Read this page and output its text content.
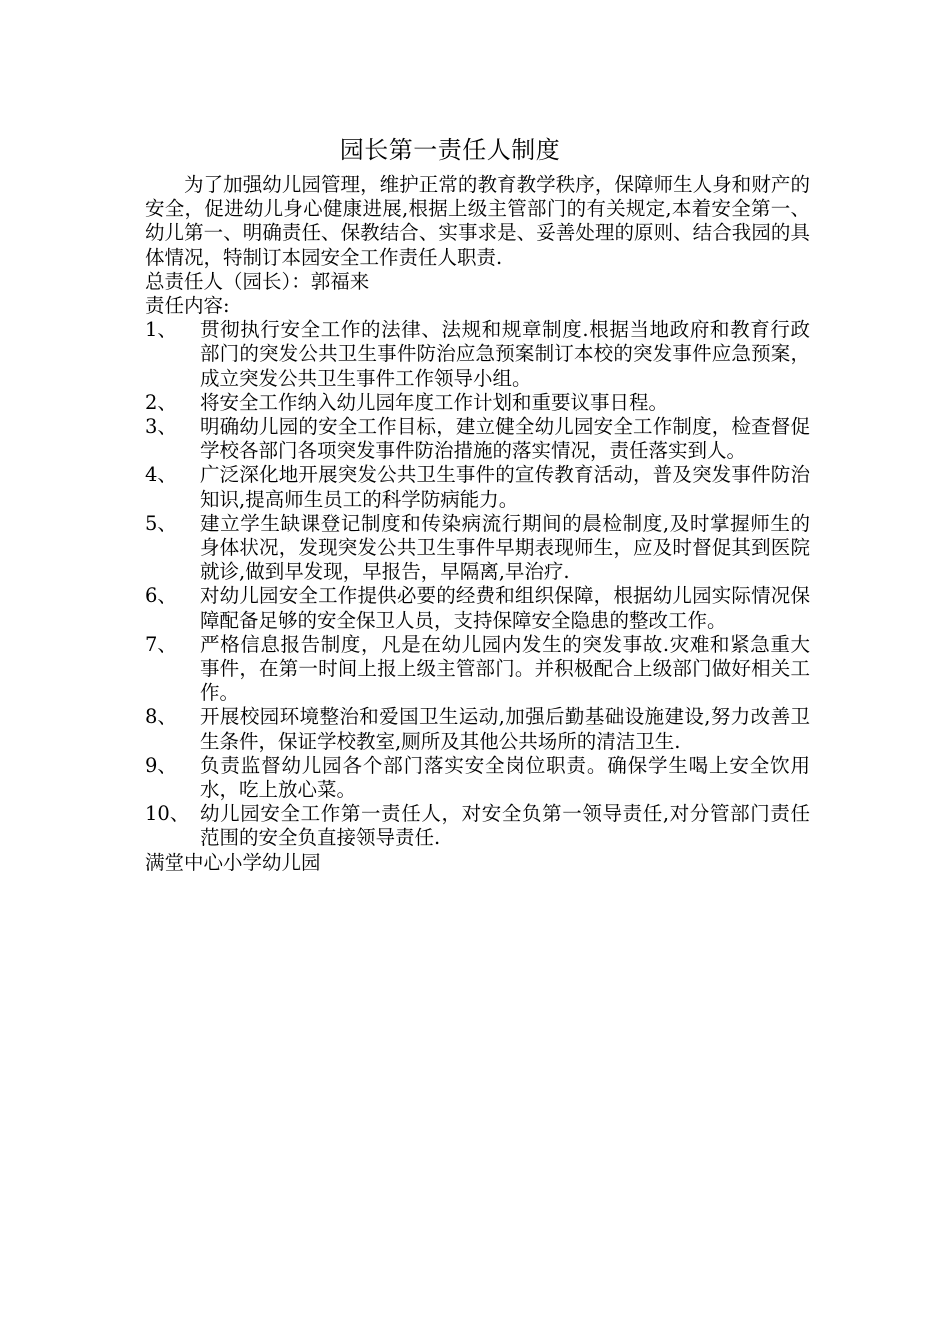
园长第一责任人制度

为了加强幼儿园管理，维护正常的教育教学秩序，保障师生人身和财产的安全，促进幼儿身心健康进展,根据上级主管部门的有关规定,本着安全第一、幼儿第一、明确责任、保教结合、实事求是、妥善处理的原则、结合我园的具体情况，特制订本园安全工作责任人职责.

总责任人（园长）：郭福来

责任内容:

1、	贯彻执行安全工作的法律、法规和规章制度.根据当地政府和教育行政部门的突发公共卫生事件防治应急预案制订本校的突发事件应急预案，成立突发公共卫生事件工作领导小组。
2、	将安全工作纳入幼儿园年度工作计划和重要议事日程。
3、	明确幼儿园的安全工作目标，建立健全幼儿园安全工作制度，检查督促学校各部门各项突发事件防治措施的落实情况，责任落实到人。
4、	广泛深化地开展突发公共卫生事件的宣传教育活动，普及突发事件防治知识,提高师生员工的科学防病能力。
5、	建立学生缺课登记制度和传染病流行期间的晨检制度,及时掌握师生的身体状况，发现突发公共卫生事件早期表现师生，应及时督促其到医院就诊,做到早发现，早报告，早隔离,早治疗.
6、	对幼儿园安全工作提供必要的经费和组织保障，根据幼儿园实际情况保障配备足够的安全保卫人员，支持保障安全隐患的整改工作。
7、	严格信息报告制度，凡是在幼儿园内发生的突发事故.灾难和紧急重大事件，在第一时间上报上级主管部门。并积极配合上级部门做好相关工作。
8、	开展校园环境整治和爱国卫生运动,加强后勤基础设施建设,努力改善卫生条件，保证学校教室,厕所及其他公共场所的清洁卫生.
9、	负责监督幼儿园各个部门落实安全岗位职责。确保学生喝上安全饮用水，吃上放心菜。
10、 幼儿园安全工作第一责任人，对安全负第一领导责任,对分管部门责任范围的安全负直接领导责任.

满堂中心小学幼儿园
